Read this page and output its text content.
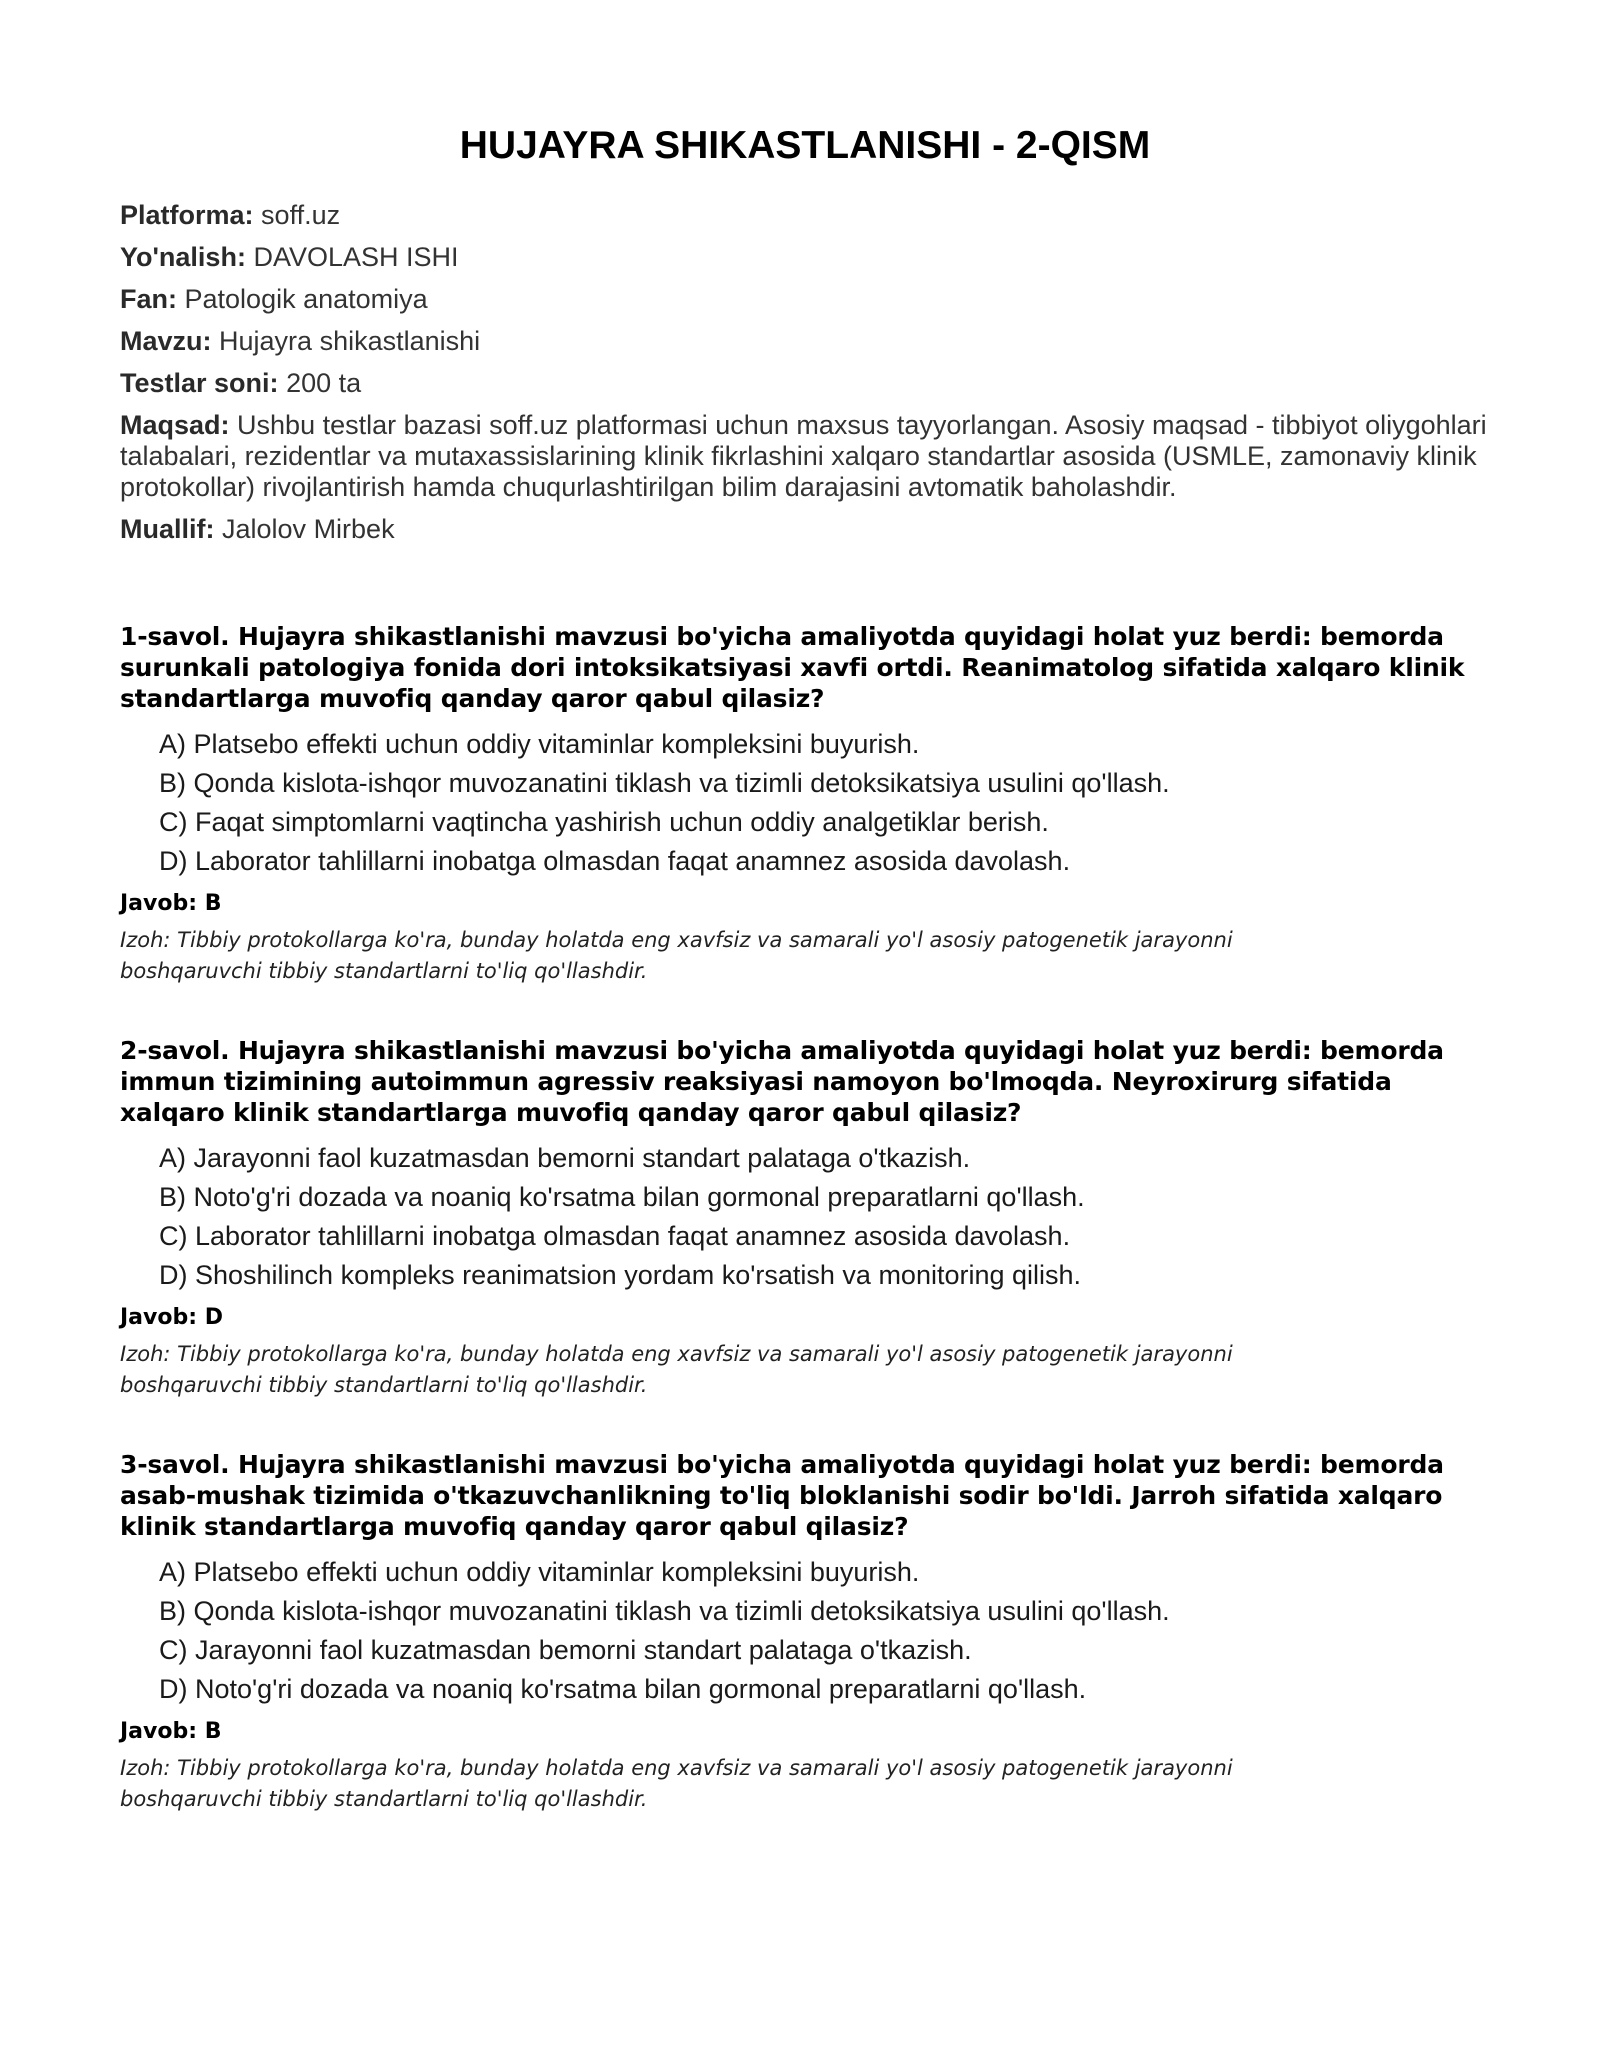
HUJAYRA SHIKASTLANISHI - 2-QISM
Platforma: soff.uz
Yo'nalish: DAVOLASH ISHI
Fan: Patologik anatomiya
Mavzu: Hujayra shikastlanishi
Testlar soni: 200 ta
Maqsad: Ushbu testlar bazasi soff.uz platformasi uchun maxsus tayyorlangan. Asosiy maqsad - tibbiyot oliygohlari talabalari, rezidentlar va mutaxassislarining klinik fikrlashini xalqaro standartlar asosida (USMLE, zamonaviy klinik protokollar) rivojlantirish hamda chuqurlashtirilgan bilim darajasini avtomatik baholashdir.
Muallif: Jalolov Mirbek
1-savol. Hujayra shikastlanishi mavzusi bo'yicha amaliyotda quyidagi holat yuz berdi: bemorda surunkali patologiya fonida dori intoksikatsiyasi xavfi ortdi. Reanimatolog sifatida xalqaro klinik standartlarga muvofiq qanday qaror qabul qilasiz?
A) Platsebo effekti uchun oddiy vitaminlar kompleksini buyurish.
B) Qonda kislota-ishqor muvozanatini tiklash va tizimli detoksikatsiya usulini qo'llash.
C) Faqat simptomlarni vaqtincha yashirish uchun oddiy analgetiklar berish.
D) Laborator tahlillarni inobatga olmasdan faqat anamnez asosida davolash.
Javob: B
Izoh: Tibbiy protokollarga ko'ra, bunday holatda eng xavfsiz va samarali yo'l asosiy patogenetik jarayonni boshqaruvchi tibbiy standartlarni to'liq qo'llashdir.
2-savol. Hujayra shikastlanishi mavzusi bo'yicha amaliyotda quyidagi holat yuz berdi: bemorda immun tizimining autoimmun agressiv reaksiyasi namoyon bo'lmoqda. Neyroxirurg sifatida xalqaro klinik standartlarga muvofiq qanday qaror qabul qilasiz?
A) Jarayonni faol kuzatmasdan bemorni standart palataga o'tkazish.
B) Noto'g'ri dozada va noaniq ko'rsatma bilan gormonal preparatlarni qo'llash.
C) Laborator tahlillarni inobatga olmasdan faqat anamnez asosida davolash.
D) Shoshilinch kompleks reanimatsion yordam ko'rsatish va monitoring qilish.
Javob: D
Izoh: Tibbiy protokollarga ko'ra, bunday holatda eng xavfsiz va samarali yo'l asosiy patogenetik jarayonni boshqaruvchi tibbiy standartlarni to'liq qo'llashdir.
3-savol. Hujayra shikastlanishi mavzusi bo'yicha amaliyotda quyidagi holat yuz berdi: bemorda asab-mushak tizimida o'tkazuvchanlikning to'liq bloklanishi sodir bo'ldi. Jarroh sifatida xalqaro klinik standartlarga muvofiq qanday qaror qabul qilasiz?
A) Platsebo effekti uchun oddiy vitaminlar kompleksini buyurish.
B) Qonda kislota-ishqor muvozanatini tiklash va tizimli detoksikatsiya usulini qo'llash.
C) Jarayonni faol kuzatmasdan bemorni standart palataga o'tkazish.
D) Noto'g'ri dozada va noaniq ko'rsatma bilan gormonal preparatlarni qo'llash.
Javob: B
Izoh: Tibbiy protokollarga ko'ra, bunday holatda eng xavfsiz va samarali yo'l asosiy patogenetik jarayonni boshqaruvchi tibbiy standartlarni to'liq qo'llashdir.
